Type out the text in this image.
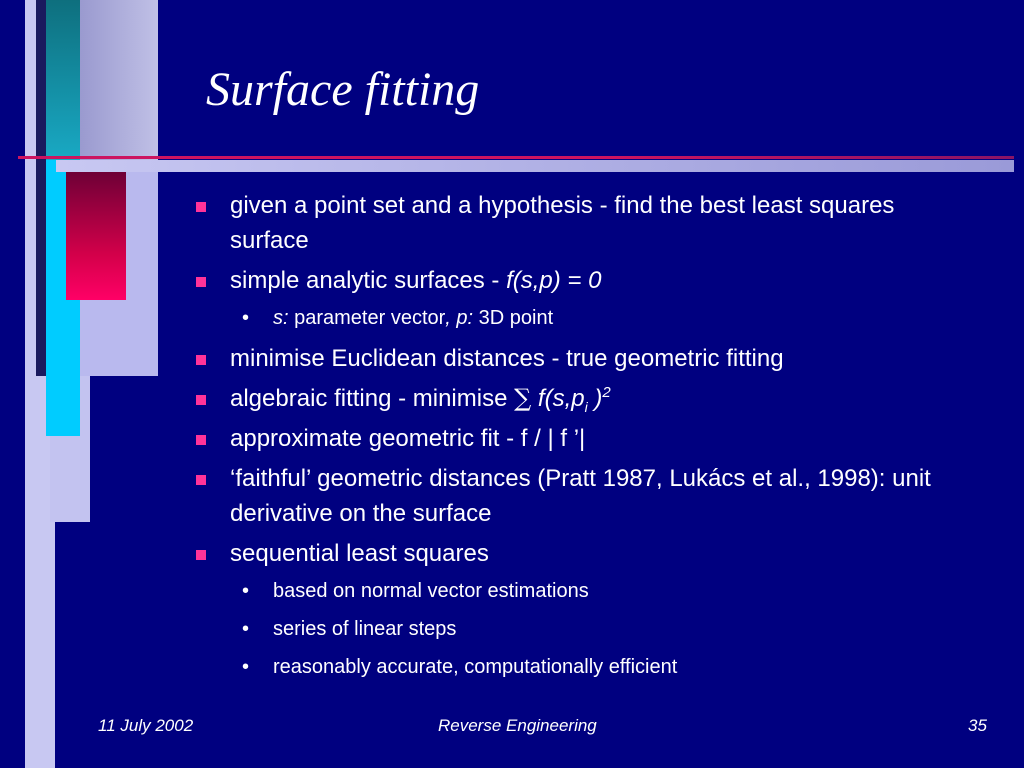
Surface fitting
given a point set and a hypothesis - find the best least squares surface
simple analytic surfaces - f(s,p) = 0
• s: parameter vector, p: 3D point
minimise Euclidean distances - true geometric fitting
algebraic fitting - minimise ∑ $f(s,p_i$ )$^2$
approximate geometric fit - f / | f ’|
‘faithful’ geometric distances (Pratt 1987, Lukács et al., 1998): unit derivative on the surface
sequential least squares
• based on normal vector estimations
• series of linear steps
• reasonably accurate, computationally efficient
11 July 2002	Reverse Engineering	35
